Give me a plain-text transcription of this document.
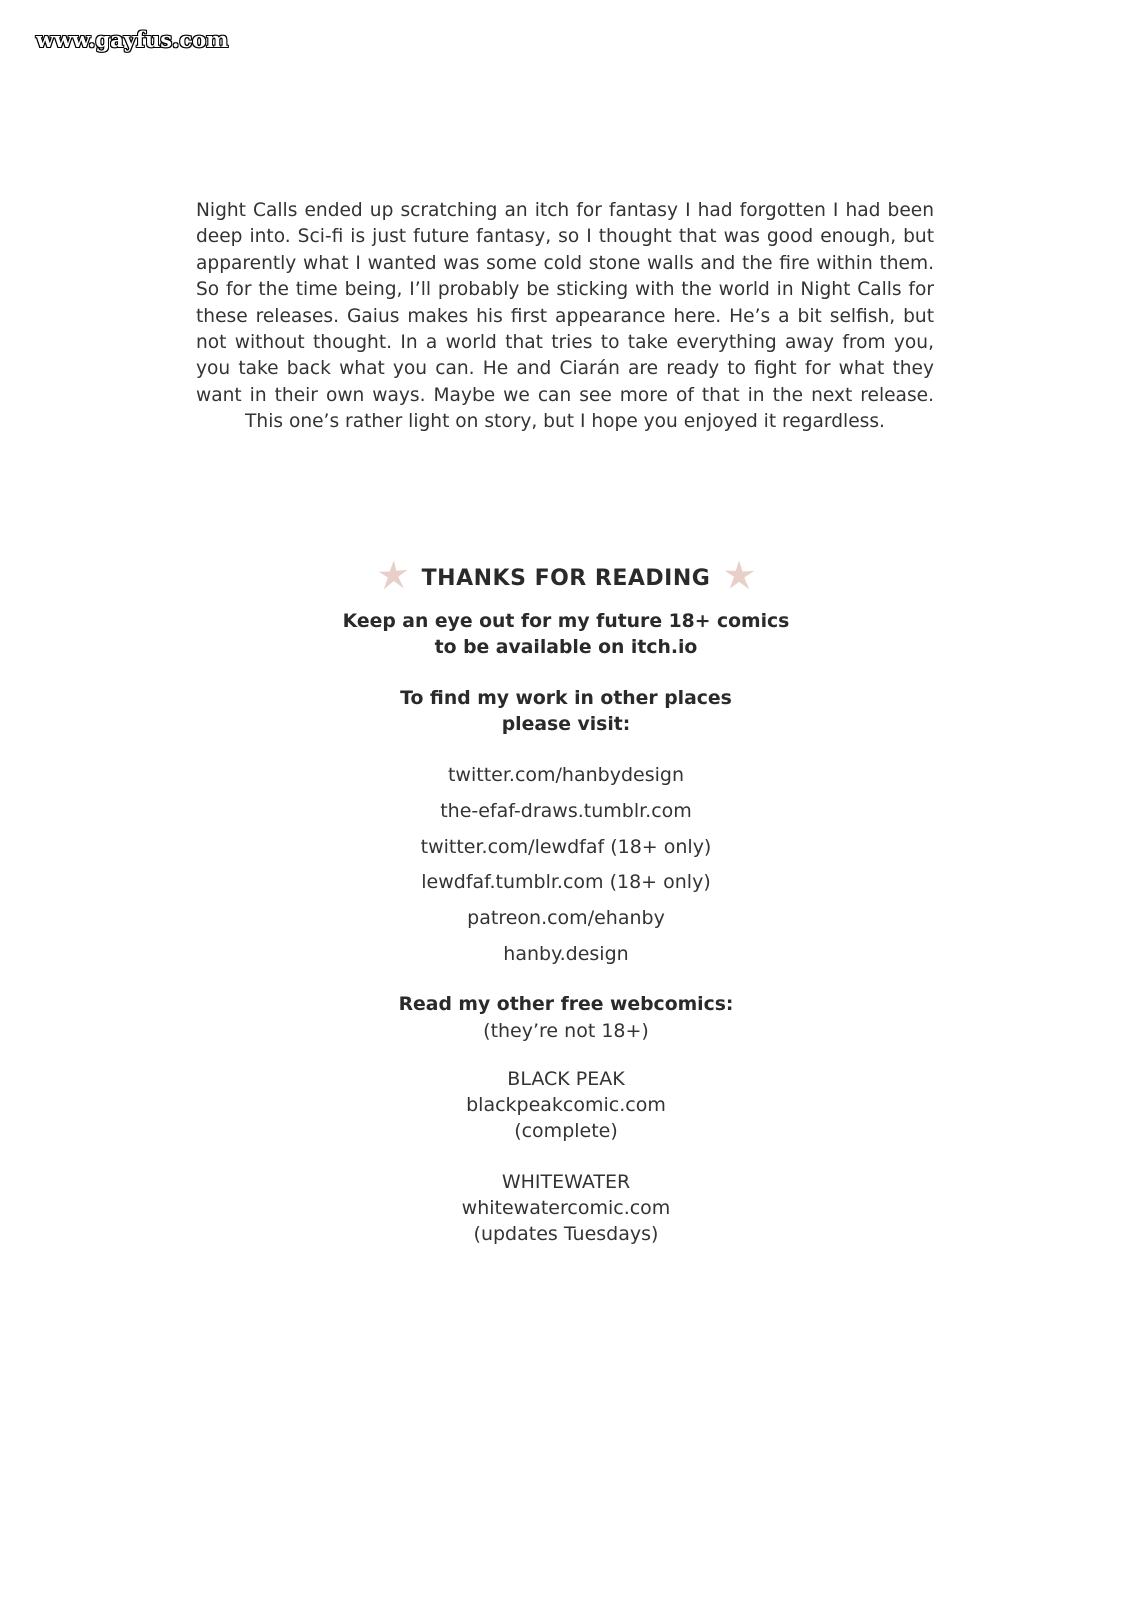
www.gayfus.com

Night Calls ended up scratching an itch for fantasy I had forgotten I had been deep into. Sci-fi is just future fantasy, so I thought that was good enough, but apparently what I wanted was some cold stone walls and the fire within them. So for the time being, I’ll probably be sticking with the world in Night Calls for these releases. Gaius makes his first appearance here. He’s a bit selfish, but not without thought. In a world that tries to take everything away from you, you take back what you can. He and Ciarán are ready to fight for what they want in their own ways. Maybe we can see more of that in the next release. This one’s rather light on story, but I hope you enjoyed it regardless.

THANKS FOR READING
Keep an eye out for my future 18+ comics
to be available on itch.io
To find my work in other places
please visit:
twitter.com/hanbydesign
the-efaf-draws.tumblr.com
twitter.com/lewdfaf (18+ only)
lewdfaf.tumblr.com (18+ only)
patreon.com/ehanby
hanby.design
Read my other free webcomics:
(they’re not 18+)
BLACK PEAK
blackpeakcomic.com
(complete)
WHITEWATER
whitewatercomic.com
(updates Tuesdays)
